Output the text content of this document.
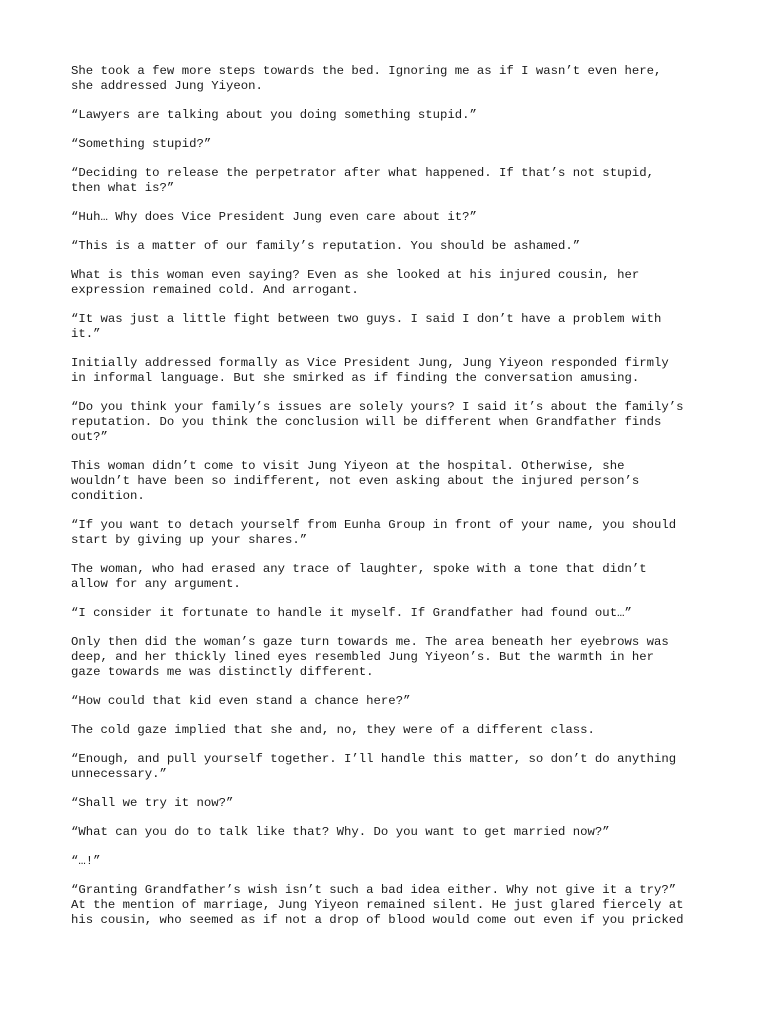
She took a few more steps towards the bed. Ignoring me as if I wasn’t even here,
she addressed Jung Yiyeon.

“Lawyers are talking about you doing something stupid.”

“Something stupid?”

“Deciding to release the perpetrator after what happened. If that’s not stupid,
then what is?”

“Huh… Why does Vice President Jung even care about it?”

“This is a matter of our family’s reputation. You should be ashamed.”

What is this woman even saying? Even as she looked at his injured cousin, her
expression remained cold. And arrogant.

“It was just a little fight between two guys. I said I don’t have a problem with
it.”

Initially addressed formally as Vice President Jung, Jung Yiyeon responded firmly
in informal language. But she smirked as if finding the conversation amusing.

“Do you think your family’s issues are solely yours? I said it’s about the family’s
reputation. Do you think the conclusion will be different when Grandfather finds
out?”

This woman didn’t come to visit Jung Yiyeon at the hospital. Otherwise, she
wouldn’t have been so indifferent, not even asking about the injured person’s
condition.

“If you want to detach yourself from Eunha Group in front of your name, you should
start by giving up your shares.”

The woman, who had erased any trace of laughter, spoke with a tone that didn’t
allow for any argument.

“I consider it fortunate to handle it myself. If Grandfather had found out…”

Only then did the woman’s gaze turn towards me. The area beneath her eyebrows was
deep, and her thickly lined eyes resembled Jung Yiyeon’s. But the warmth in her
gaze towards me was distinctly different.

“How could that kid even stand a chance here?”

The cold gaze implied that she and, no, they were of a different class.

“Enough, and pull yourself together. I’ll handle this matter, so don’t do anything
unnecessary.”

“Shall we try it now?”

“What can you do to talk like that? Why. Do you want to get married now?”

“…!”

“Granting Grandfather’s wish isn’t such a bad idea either. Why not give it a try?”
At the mention of marriage, Jung Yiyeon remained silent. He just glared fiercely at
his cousin, who seemed as if not a drop of blood would come out even if you pricked
